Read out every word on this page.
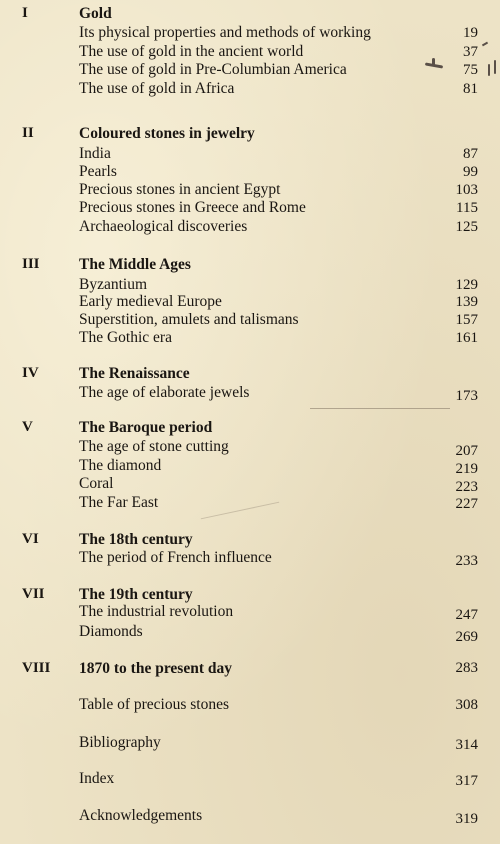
I	Gold
Its physical properties and methods of working	19
The use of gold in the ancient world	37
The use of gold in Pre-Columbian America	75
The use of gold in Africa	81
II	Coloured stones in jewelry
India	87
Pearls	99
Precious stones in ancient Egypt	103
Precious stones in Greece and Rome	115
Archaeological discoveries	125
III	The Middle Ages
Byzantium	129
Early medieval Europe	139
Superstition, amulets and talismans	157
The Gothic era	161
IV	The Renaissance
The age of elaborate jewels	173
V	The Baroque period
The age of stone cutting	207
The diamond	219
Coral	223
The Far East	227
VI	The 18th century
The period of French influence	233
VII The 19th century
The industrial revolution	247
Diamonds	269
VIII 1870 to the present day	283
Table of precious stones	308
Bibliography	314
Index	317
Acknowledgements	319
